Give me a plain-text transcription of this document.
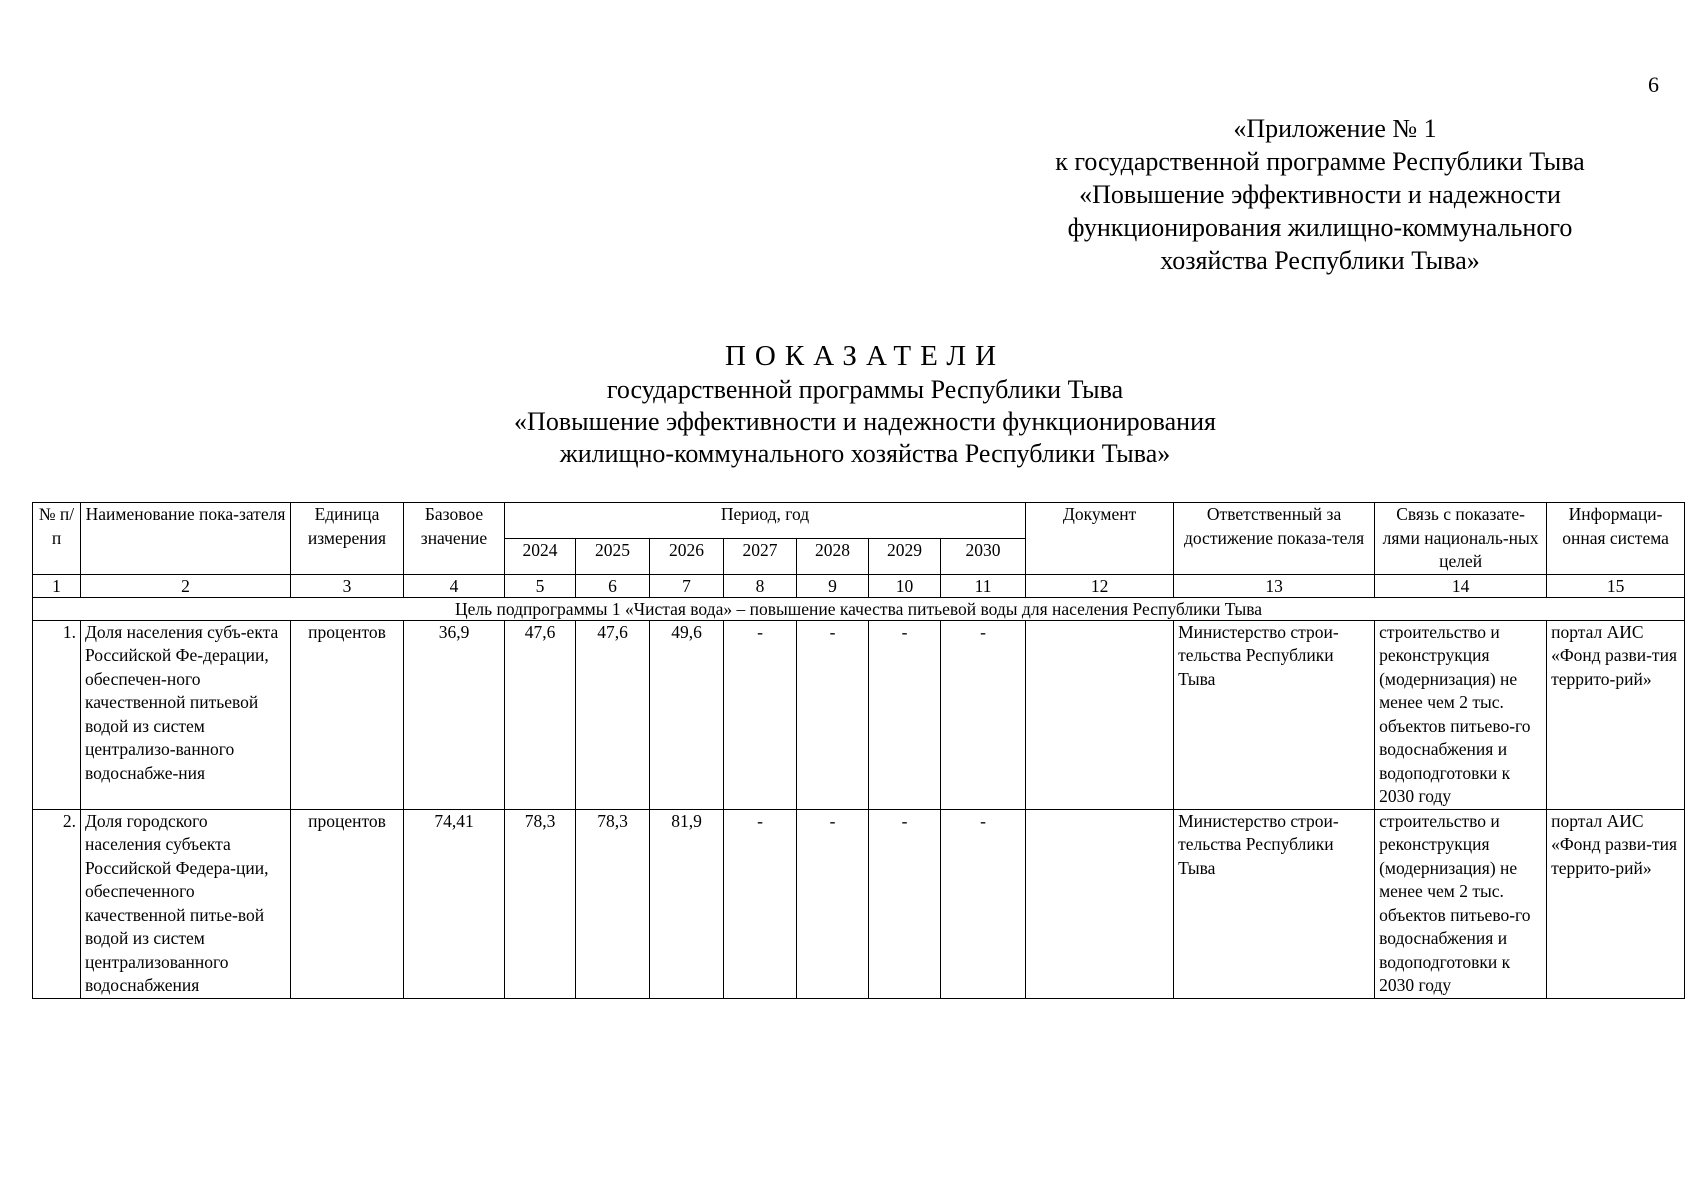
6
«Приложение № 1
к государственной программе Республики Тыва
«Повышение эффективности и надежности
функционирования жилищно-коммунального
хозяйства Республики Тыва»
ПОКАЗАТЕЛИ
государственной программы Республики Тыва
«Повышение эффективности и надежности функционирования
жилищно-коммунального хозяйства Республики Тыва»
№ п/п	Наименование пока-зателя	Единица измерения	Базовое значение	Период, год							Документ	Ответственный за достижение показа-теля	Связь с показате-лями националь-ных целей	Информаци-онная система
				2024	2025	2026	2027	2028	2029	2030				
1	2	3	4	5	6	7	8	9	10	11	12	13	14	15
Цель подпрограммы 1 «Чистая вода» – повышение качества питьевой воды для населения Республики Тыва														
1.	Доля населения субъ-екта Российской Фе-дерации, обеспечен-ного качественной питьевой водой из систем централизо-ванного водоснабже-ния	процентов	36,9	47,6	47,6	49,6	-	-	-	-		Министерство строи-тельства Республики Тыва	строительство и реконструкция (модернизация) не менее чем 2 тыс. объектов питьево-го водоснабжения и водоподготовки к 2030 году	портал АИС «Фонд разви-тия террито-рий»
2.	Доля городского населения субъекта Российской Федера-ции, обеспеченного качественной питье-вой водой из систем централизованного водоснабжения	процентов	74,41	78,3	78,3	81,9	-	-	-	-		Министерство строи-тельства Республики Тыва	строительство и реконструкция (модернизация) не менее чем 2 тыс. объектов питьево-го водоснабжения и водоподготовки к 2030 году	портал АИС «Фонд разви-тия террито-рий»
